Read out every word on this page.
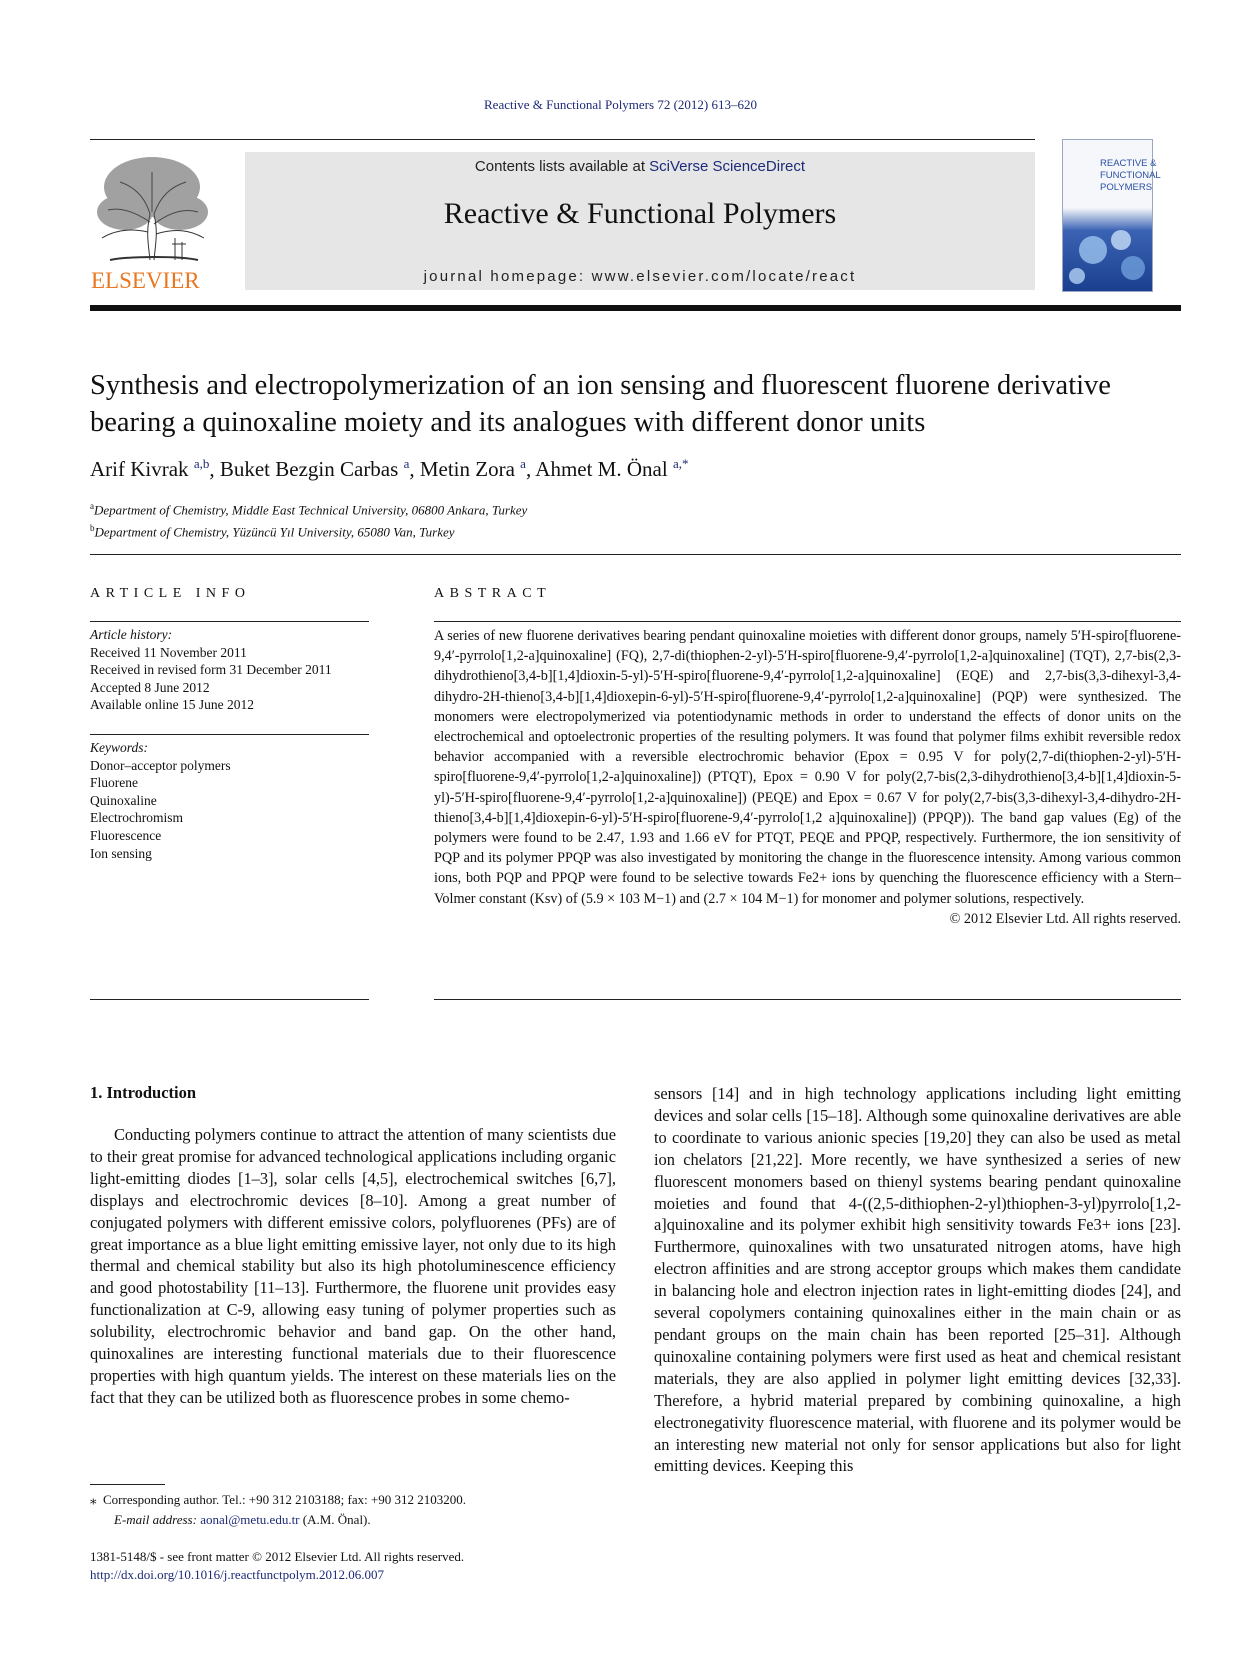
Reactive & Functional Polymers 72 (2012) 613–620
ELSEVIER
Contents lists available at SciVerse ScienceDirect
Reactive & Functional Polymers
journal homepage: www.elsevier.com/locate/react
REACTIVE &
FUNCTIONAL
POLYMERS
Synthesis and electropolymerization of an ion sensing and fluorescent fluorene derivative bearing a quinoxaline moiety and its analogues with different donor units
Arif Kivrak $^{a,b}$, Buket Bezgin Carbas $^a$, Metin Zora $^a$, Ahmet M. Önal $^{a,*}$
$^a$Department of Chemistry, Middle East Technical University, 06800 Ankara, Turkey
$^b$Department of Chemistry, Yüzüncü Yıl University, 65080 Van, Turkey
ARTICLE INFO
Article history:
Received 11 November 2011
Received in revised form 31 December 2011
Accepted 8 June 2012
Available online 15 June 2012
Keywords:
Donor–acceptor polymers
Fluorene
Quinoxaline
Electrochromism
Fluorescence
Ion sensing
ABSTRACT
A series of new fluorene derivatives bearing pendant quinoxaline moieties with different donor groups, namely 5′H-spiro[fluorene-9,4′-pyrrolo[1,2-a]quinoxaline] (FQ), 2,7-di(thiophen-2-yl)-5′H-spiro[fluorene-9,4′-pyrrolo[1,2-a]quinoxaline] (TQT), 2,7-bis(2,3-dihydrothieno[3,4-b][1,4]dioxin-5-yl)-5′H-spiro[fluorene-9,4′-pyrrolo[1,2-a]quinoxaline] (EQE) and 2,7-bis(3,3-dihexyl-3,4-dihydro-2H-thieno[3,4-b][1,4]dioxepin-6-yl)-5′H-spiro[fluorene-9,4′-pyrrolo[1,2-a]quinoxaline] (PQP) were synthesized. The monomers were electropolymerized via potentiodynamic methods in order to understand the effects of donor units on the electrochemical and optoelectronic properties of the resulting polymers. It was found that polymer films exhibit reversible redox behavior accompanied with a reversible electrochromic behavior (Epox = 0.95 V for poly(2,7-di(thiophen-2-yl)-5′H-spiro[fluorene-9,4′-pyrrolo[1,2-a]quinoxaline]) (PTQT), Epox = 0.90 V for poly(2,7-bis(2,3-dihydrothieno[3,4-b][1,4]dioxin-5-yl)-5′H-spiro[fluorene-9,4′-pyrrolo[1,2-a]quinoxaline]) (PEQE) and Epox = 0.67 V for poly(2,7-bis(3,3-dihexyl-3,4-dihydro-2H-thieno[3,4-b][1,4]dioxepin-6-yl)-5′H-spiro[fluorene-9,4′-pyrrolo[1,2 a]quinoxaline]) (PPQP)). The band gap values (Eg) of the polymers were found to be 2.47, 1.93 and 1.66 eV for PTQT, PEQE and PPQP, respectively. Furthermore, the ion sensitivity of PQP and its polymer PPQP was also investigated by monitoring the change in the fluorescence intensity. Among various common ions, both PQP and PPQP were found to be selective towards Fe2+ ions by quenching the fluorescence efficiency with a Stern–Volmer constant (Ksv) of (5.9 × 103 M−1) and (2.7 × 104 M−1) for monomer and polymer solutions, respectively.
© 2012 Elsevier Ltd. All rights reserved.
1. Introduction
Conducting polymers continue to attract the attention of many scientists due to their great promise for advanced technological applications including organic light-emitting diodes [1–3], solar cells [4,5], electrochemical switches [6,7], displays and electrochromic devices [8–10]. Among a great number of conjugated polymers with different emissive colors, polyfluorenes (PFs) are of great importance as a blue light emitting emissive layer, not only due to its high thermal and chemical stability but also its high photoluminescence efficiency and good photostability [11–13]. Furthermore, the fluorene unit provides easy functionalization at C-9, allowing easy tuning of polymer properties such as solubility, electrochromic behavior and band gap. On the other hand, quinoxalines are interesting functional materials due to their fluorescence properties with high quantum yields. The interest on these materials lies on the fact that they can be utilized both as fluorescence probes in some chemo-
sensors [14] and in high technology applications including light emitting devices and solar cells [15–18]. Although some quinoxaline derivatives are able to coordinate to various anionic species [19,20] they can also be used as metal ion chelators [21,22]. More recently, we have synthesized a series of new fluorescent monomers based on thienyl systems bearing pendant quinoxaline moieties and found that 4-((2,5-dithiophen-2-yl)thiophen-3-yl)pyrrolo[1,2-a]quinoxaline and its polymer exhibit high sensitivity towards Fe3+ ions [23]. Furthermore, quinoxalines with two unsaturated nitrogen atoms, have high electron affinities and are strong acceptor groups which makes them candidate in balancing hole and electron injection rates in light-emitting diodes [24], and several copolymers containing quinoxalines either in the main chain or as pendant groups on the main chain has been reported [25–31]. Although quinoxaline containing polymers were first used as heat and chemical resistant materials, they are also applied in polymer light emitting devices [32,33]. Therefore, a hybrid material prepared by combining quinoxaline, a high electronegativity fluorescence material, with fluorene and its polymer would be an interesting new material not only for sensor applications but also for light emitting devices. Keeping this
⁎ Corresponding author. Tel.: +90 312 2103188; fax: +90 312 2103200.
E-mail address: aonal@metu.edu.tr (A.M. Önal).
1381-5148/$ - see front matter © 2012 Elsevier Ltd. All rights reserved.
http://dx.doi.org/10.1016/j.reactfunctpolym.2012.06.007
